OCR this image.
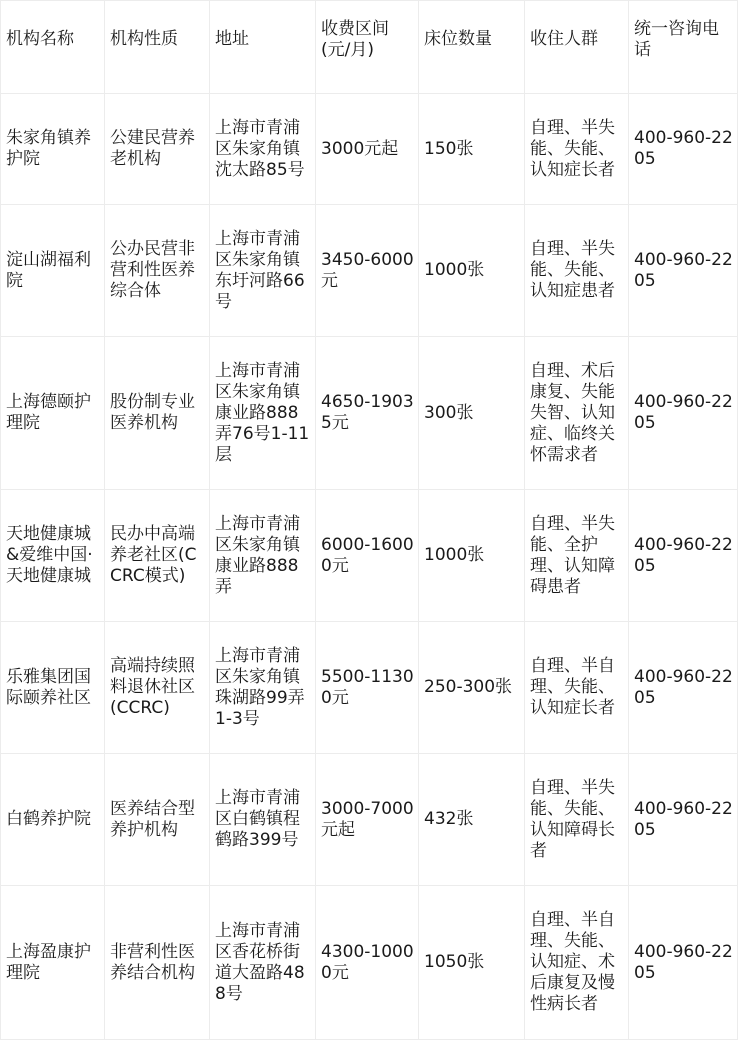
机构名称	机构性质	地址	收费区间(元/月)	床位数量	收住人群	统一咨询电话
朱家角镇养护院	公建民营养老机构	上海市青浦区朱家角镇沈太路85号	3000元起	150张	自理、半失能、失能、认知症长者	400-960-2205
淀山湖福利院	公办民营非营利性医养综合体	上海市青浦区朱家角镇东圩河路66号	3450-6000元	1000张	自理、半失能、失能、认知症患者	400-960-2205
上海德颐护理院	股份制专业医养机构	上海市青浦区朱家角镇康业路888弄76号1-11层	4650-19035元	300张	自理、术后康复、失能失智、认知症、临终关怀需求者	400-960-2205
天地健康城&爱维中国·天地健康城	民办中高端养老社区(CCRC模式)	上海市青浦区朱家角镇康业路888弄	6000-16000元	1000张	自理、半失能、全护理、认知障碍患者	400-960-2205
乐雅集团国际颐养社区	高端持续照料退休社区(CCRC)	上海市青浦区朱家角镇珠湖路99弄1-3号	5500-11300元	250-300张	自理、半自理、失能、认知症长者	400-960-2205
白鹤养护院	医养结合型养护机构	上海市青浦区白鹤镇程鹤路399号	3000-7000元起	432张	自理、半失能、失能、认知障碍长者	400-960-2205
上海盈康护理院	非营利性医养结合机构	上海市青浦区香花桥街道大盈路488号	4300-10000元	1050张	自理、半自理、失能、认知症、术后康复及慢性病长者	400-960-2205
